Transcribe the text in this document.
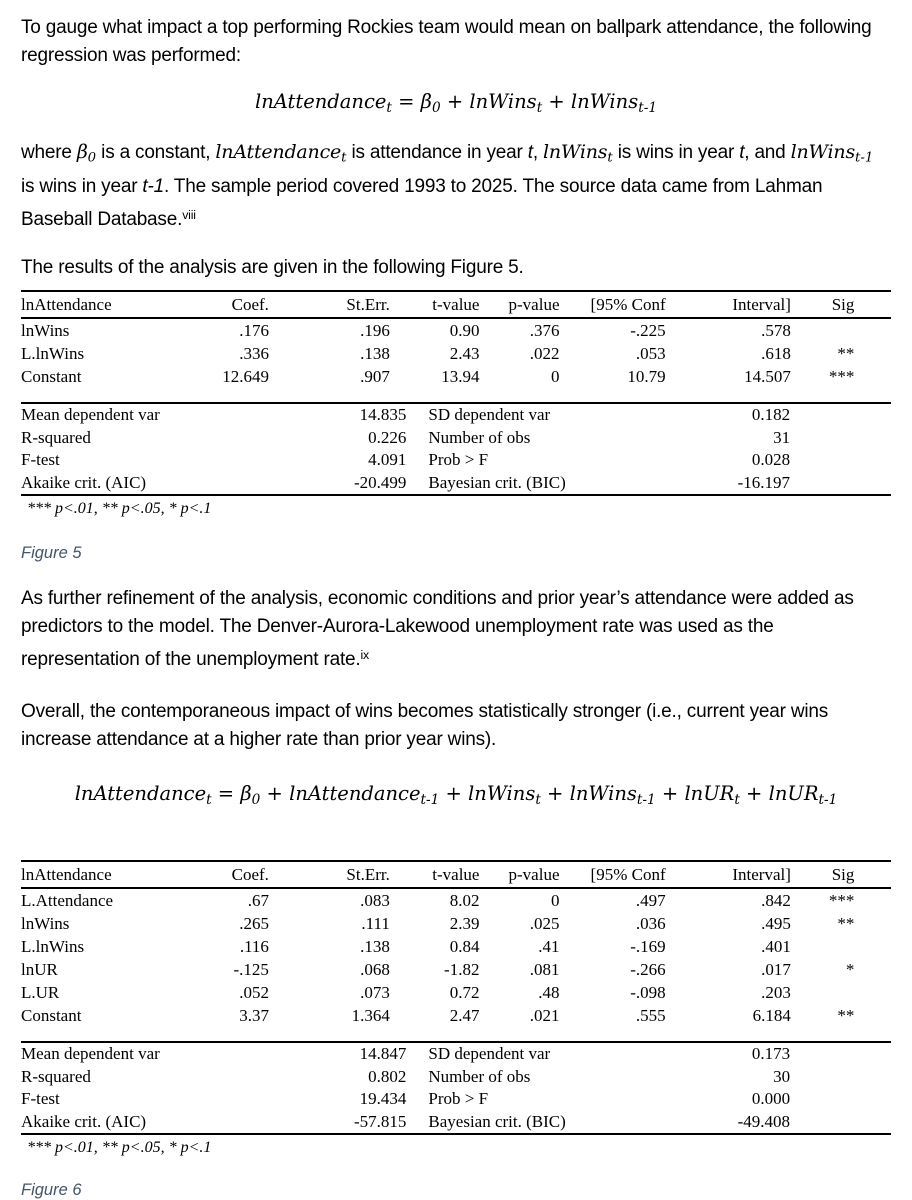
To gauge what impact a top performing Rockies team would mean on ballpark attendance, the following regression was performed:

lnAttendancet = β0 + lnWinst + lnWinst-1

where β0 is a constant, lnAttendancet is attendance in year t, lnWinst is wins in year t, and lnWinst-1 is wins in year t-1. The sample period covered 1993 to 2025. The source data came from Lahman Baseball Database.$^{viii}$

The results of the analysis are given in the following Figure 5.

lnAttendance	Coef.	St.Err.	t-value	p-value	[95% Conf	Interval]	Sig	
lnWins	.176	.196	0.90	.376	-.225	.578		
L.lnWins	.336	.138	2.43	.022	.053	.618	**	
Constant	12.649	.907	13.94	0	10.79	14.507	***	

Mean dependent var	14.835	SD dependent var	0.182	
R-squared	0.226	Number of obs	31	
F-test	4.091	Prob > F	0.028	
Akaike crit. (AIC)	-20.499	Bayesian crit. (BIC)	-16.197	
*** p<.01, ** p<.05, * p<.1
Figure 5

As further refinement of the analysis, economic conditions and prior year’s attendance were added as predictors to the model. The Denver-Aurora-Lakewood unemployment rate was used as the representation of the unemployment rate.$^{ix}$

Overall, the contemporaneous impact of wins becomes statistically stronger (i.e., current year wins increase attendance at a higher rate than prior year wins).

lnAttendancet = β0 + lnAttendancet-1 + lnWinst + lnWinst-1 + lnURt + lnURt-1
lnAttendance	Coef.	St.Err.	t-value	p-value	[95% Conf	Interval]	Sig	
L.Attendance	.67	.083	8.02	0	.497	.842	***	
lnWins	.265	.111	2.39	.025	.036	.495	**	
L.lnWins	.116	.138	0.84	.41	-.169	.401		
lnUR	-.125	.068	-1.82	.081	-.266	.017	*	
L.UR	.052	.073	0.72	.48	-.098	.203		
Constant	3.37	1.364	2.47	.021	.555	6.184	**	

Mean dependent var	14.847	SD dependent var	0.173	
R-squared	0.802	Number of obs	30	
F-test	19.434	Prob > F	0.000	
Akaike crit. (AIC)	-57.815	Bayesian crit. (BIC)	-49.408	
*** p<.01, ** p<.05, * p<.1
Figure 6
